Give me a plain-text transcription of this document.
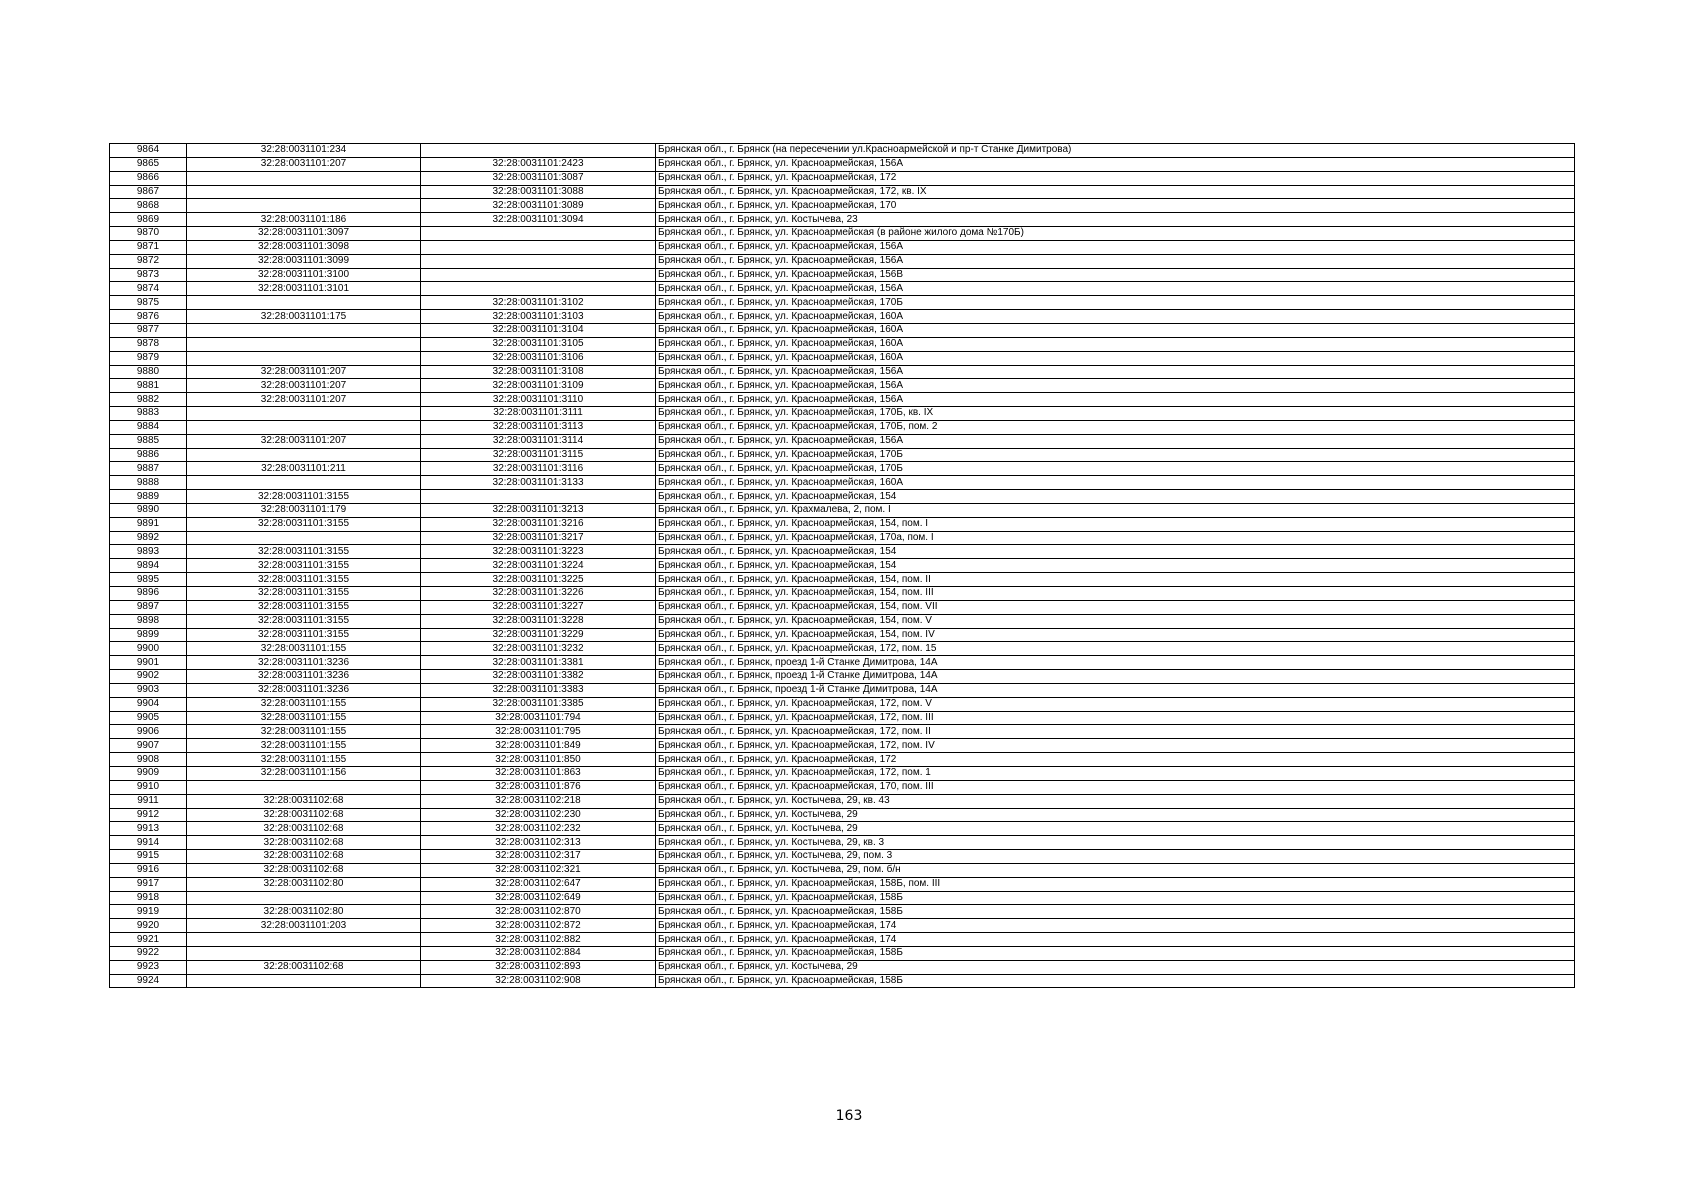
9864	32:28:0031101:234		Брянская обл., г. Брянск (на пересечении ул.Красноармейской и пр-т Станке Димитрова)
9865	32:28:0031101:207	32:28:0031101:2423	Брянская обл., г. Брянск, ул. Красноармейская, 156А
9866		32:28:0031101:3087	Брянская обл., г. Брянск, ул. Красноармейская, 172
9867		32:28:0031101:3088	Брянская обл., г. Брянск, ул. Красноармейская, 172, кв. IX
9868		32:28:0031101:3089	Брянская обл., г. Брянск, ул. Красноармейская, 170
9869	32:28:0031101:186	32:28:0031101:3094	Брянская обл., г. Брянск, ул. Костычева, 23
9870	32:28:0031101:3097		Брянская обл., г. Брянск, ул. Красноармейская (в районе жилого дома №170Б)
9871	32:28:0031101:3098		Брянская обл., г. Брянск, ул. Красноармейская, 156А
9872	32:28:0031101:3099		Брянская обл., г. Брянск, ул. Красноармейская, 156А
9873	32:28:0031101:3100		Брянская обл., г. Брянск, ул. Красноармейская, 156В
9874	32:28:0031101:3101		Брянская обл., г. Брянск, ул. Красноармейская, 156А
9875		32:28:0031101:3102	Брянская обл., г. Брянск, ул. Красноармейская, 170Б
9876	32:28:0031101:175	32:28:0031101:3103	Брянская обл., г. Брянск, ул. Красноармейская, 160А
9877		32:28:0031101:3104	Брянская обл., г. Брянск, ул. Красноармейская, 160А
9878		32:28:0031101:3105	Брянская обл., г. Брянск, ул. Красноармейская, 160А
9879		32:28:0031101:3106	Брянская обл., г. Брянск, ул. Красноармейская, 160А
9880	32:28:0031101:207	32:28:0031101:3108	Брянская обл., г. Брянск, ул. Красноармейская, 156А
9881	32:28:0031101:207	32:28:0031101:3109	Брянская обл., г. Брянск, ул. Красноармейская, 156А
9882	32:28:0031101:207	32:28:0031101:3110	Брянская обл., г. Брянск, ул. Красноармейская, 156А
9883		32:28:0031101:3111	Брянская обл., г. Брянск, ул. Красноармейская, 170Б, кв. IX
9884		32:28:0031101:3113	Брянская обл., г. Брянск, ул. Красноармейская, 170Б, пом. 2
9885	32:28:0031101:207	32:28:0031101:3114	Брянская обл., г. Брянск, ул. Красноармейская, 156А
9886		32:28:0031101:3115	Брянская обл., г. Брянск, ул. Красноармейская, 170Б
9887	32:28:0031101:211	32:28:0031101:3116	Брянская обл., г. Брянск, ул. Красноармейская, 170Б
9888		32:28:0031101:3133	Брянская обл., г. Брянск, ул. Красноармейская, 160А
9889	32:28:0031101:3155		Брянская обл., г. Брянск, ул. Красноармейская, 154
9890	32:28:0031101:179	32:28:0031101:3213	Брянская обл., г. Брянск, ул. Крахмалева, 2, пом. I
9891	32:28:0031101:3155	32:28:0031101:3216	Брянская обл., г. Брянск, ул. Красноармейская, 154, пом. I
9892		32:28:0031101:3217	Брянская обл., г. Брянск, ул. Красноармейская, 170а, пом. I
9893	32:28:0031101:3155	32:28:0031101:3223	Брянская обл., г. Брянск, ул. Красноармейская, 154
9894	32:28:0031101:3155	32:28:0031101:3224	Брянская обл., г. Брянск, ул. Красноармейская, 154
9895	32:28:0031101:3155	32:28:0031101:3225	Брянская обл., г. Брянск, ул. Красноармейская, 154, пом. II
9896	32:28:0031101:3155	32:28:0031101:3226	Брянская обл., г. Брянск, ул. Красноармейская, 154, пом. III
9897	32:28:0031101:3155	32:28:0031101:3227	Брянская обл., г. Брянск, ул. Красноармейская, 154, пом. VII
9898	32:28:0031101:3155	32:28:0031101:3228	Брянская обл., г. Брянск, ул. Красноармейская, 154, пом. V
9899	32:28:0031101:3155	32:28:0031101:3229	Брянская обл., г. Брянск, ул. Красноармейская, 154, пом. IV
9900	32:28:0031101:155	32:28:0031101:3232	Брянская обл., г. Брянск, ул. Красноармейская, 172, пом. 15
9901	32:28:0031101:3236	32:28:0031101:3381	Брянская обл., г. Брянск, проезд 1-й Станке Димитрова, 14А
9902	32:28:0031101:3236	32:28:0031101:3382	Брянская обл., г. Брянск, проезд 1-й Станке Димитрова, 14А
9903	32:28:0031101:3236	32:28:0031101:3383	Брянская обл., г. Брянск, проезд 1-й Станке Димитрова, 14А
9904	32:28:0031101:155	32:28:0031101:3385	Брянская обл., г. Брянск, ул. Красноармейская, 172, пом. V
9905	32:28:0031101:155	32:28:0031101:794	Брянская обл., г. Брянск, ул. Красноармейская, 172, пом. III
9906	32:28:0031101:155	32:28:0031101:795	Брянская обл., г. Брянск, ул. Красноармейская, 172, пом. II
9907	32:28:0031101:155	32:28:0031101:849	Брянская обл., г. Брянск, ул. Красноармейская, 172, пом. IV
9908	32:28:0031101:155	32:28:0031101:850	Брянская обл., г. Брянск, ул. Красноармейская, 172
9909	32:28:0031101:156	32:28:0031101:863	Брянская обл., г. Брянск, ул. Красноармейская, 172, пом. 1
9910		32:28:0031101:876	Брянская обл., г. Брянск, ул. Красноармейская, 170, пом. III
9911	32:28:0031102:68	32:28:0031102:218	Брянская обл., г. Брянск, ул. Костычева, 29, кв. 43
9912	32:28:0031102:68	32:28:0031102:230	Брянская обл., г. Брянск, ул. Костычева, 29
9913	32:28:0031102:68	32:28:0031102:232	Брянская обл., г. Брянск, ул. Костычева, 29
9914	32:28:0031102:68	32:28:0031102:313	Брянская обл., г. Брянск, ул. Костычева, 29, кв. 3
9915	32:28:0031102:68	32:28:0031102:317	Брянская обл., г. Брянск, ул. Костычева, 29, пом. 3
9916	32:28:0031102:68	32:28:0031102:321	Брянская обл., г. Брянск, ул. Костычева, 29, пом. б/н
9917	32:28:0031102:80	32:28:0031102:647	Брянская обл., г. Брянск, ул. Красноармейская, 158Б, пом. III
9918		32:28:0031102:649	Брянская обл., г. Брянск, ул. Красноармейская, 158Б
9919	32:28:0031102:80	32:28:0031102:870	Брянская обл., г. Брянск, ул. Красноармейская, 158Б
9920	32:28:0031101:203	32:28:0031102:872	Брянская обл., г. Брянск, ул. Красноармейская, 174
9921		32:28:0031102:882	Брянская обл., г. Брянск, ул. Красноармейская, 174
9922		32:28:0031102:884	Брянская обл., г. Брянск, ул. Красноармейская, 158Б
9923	32:28:0031102:68	32:28:0031102:893	Брянская обл., г. Брянск, ул. Костычева, 29
9924		32:28:0031102:908	Брянская обл., г. Брянск, ул. Красноармейская, 158Б
163
